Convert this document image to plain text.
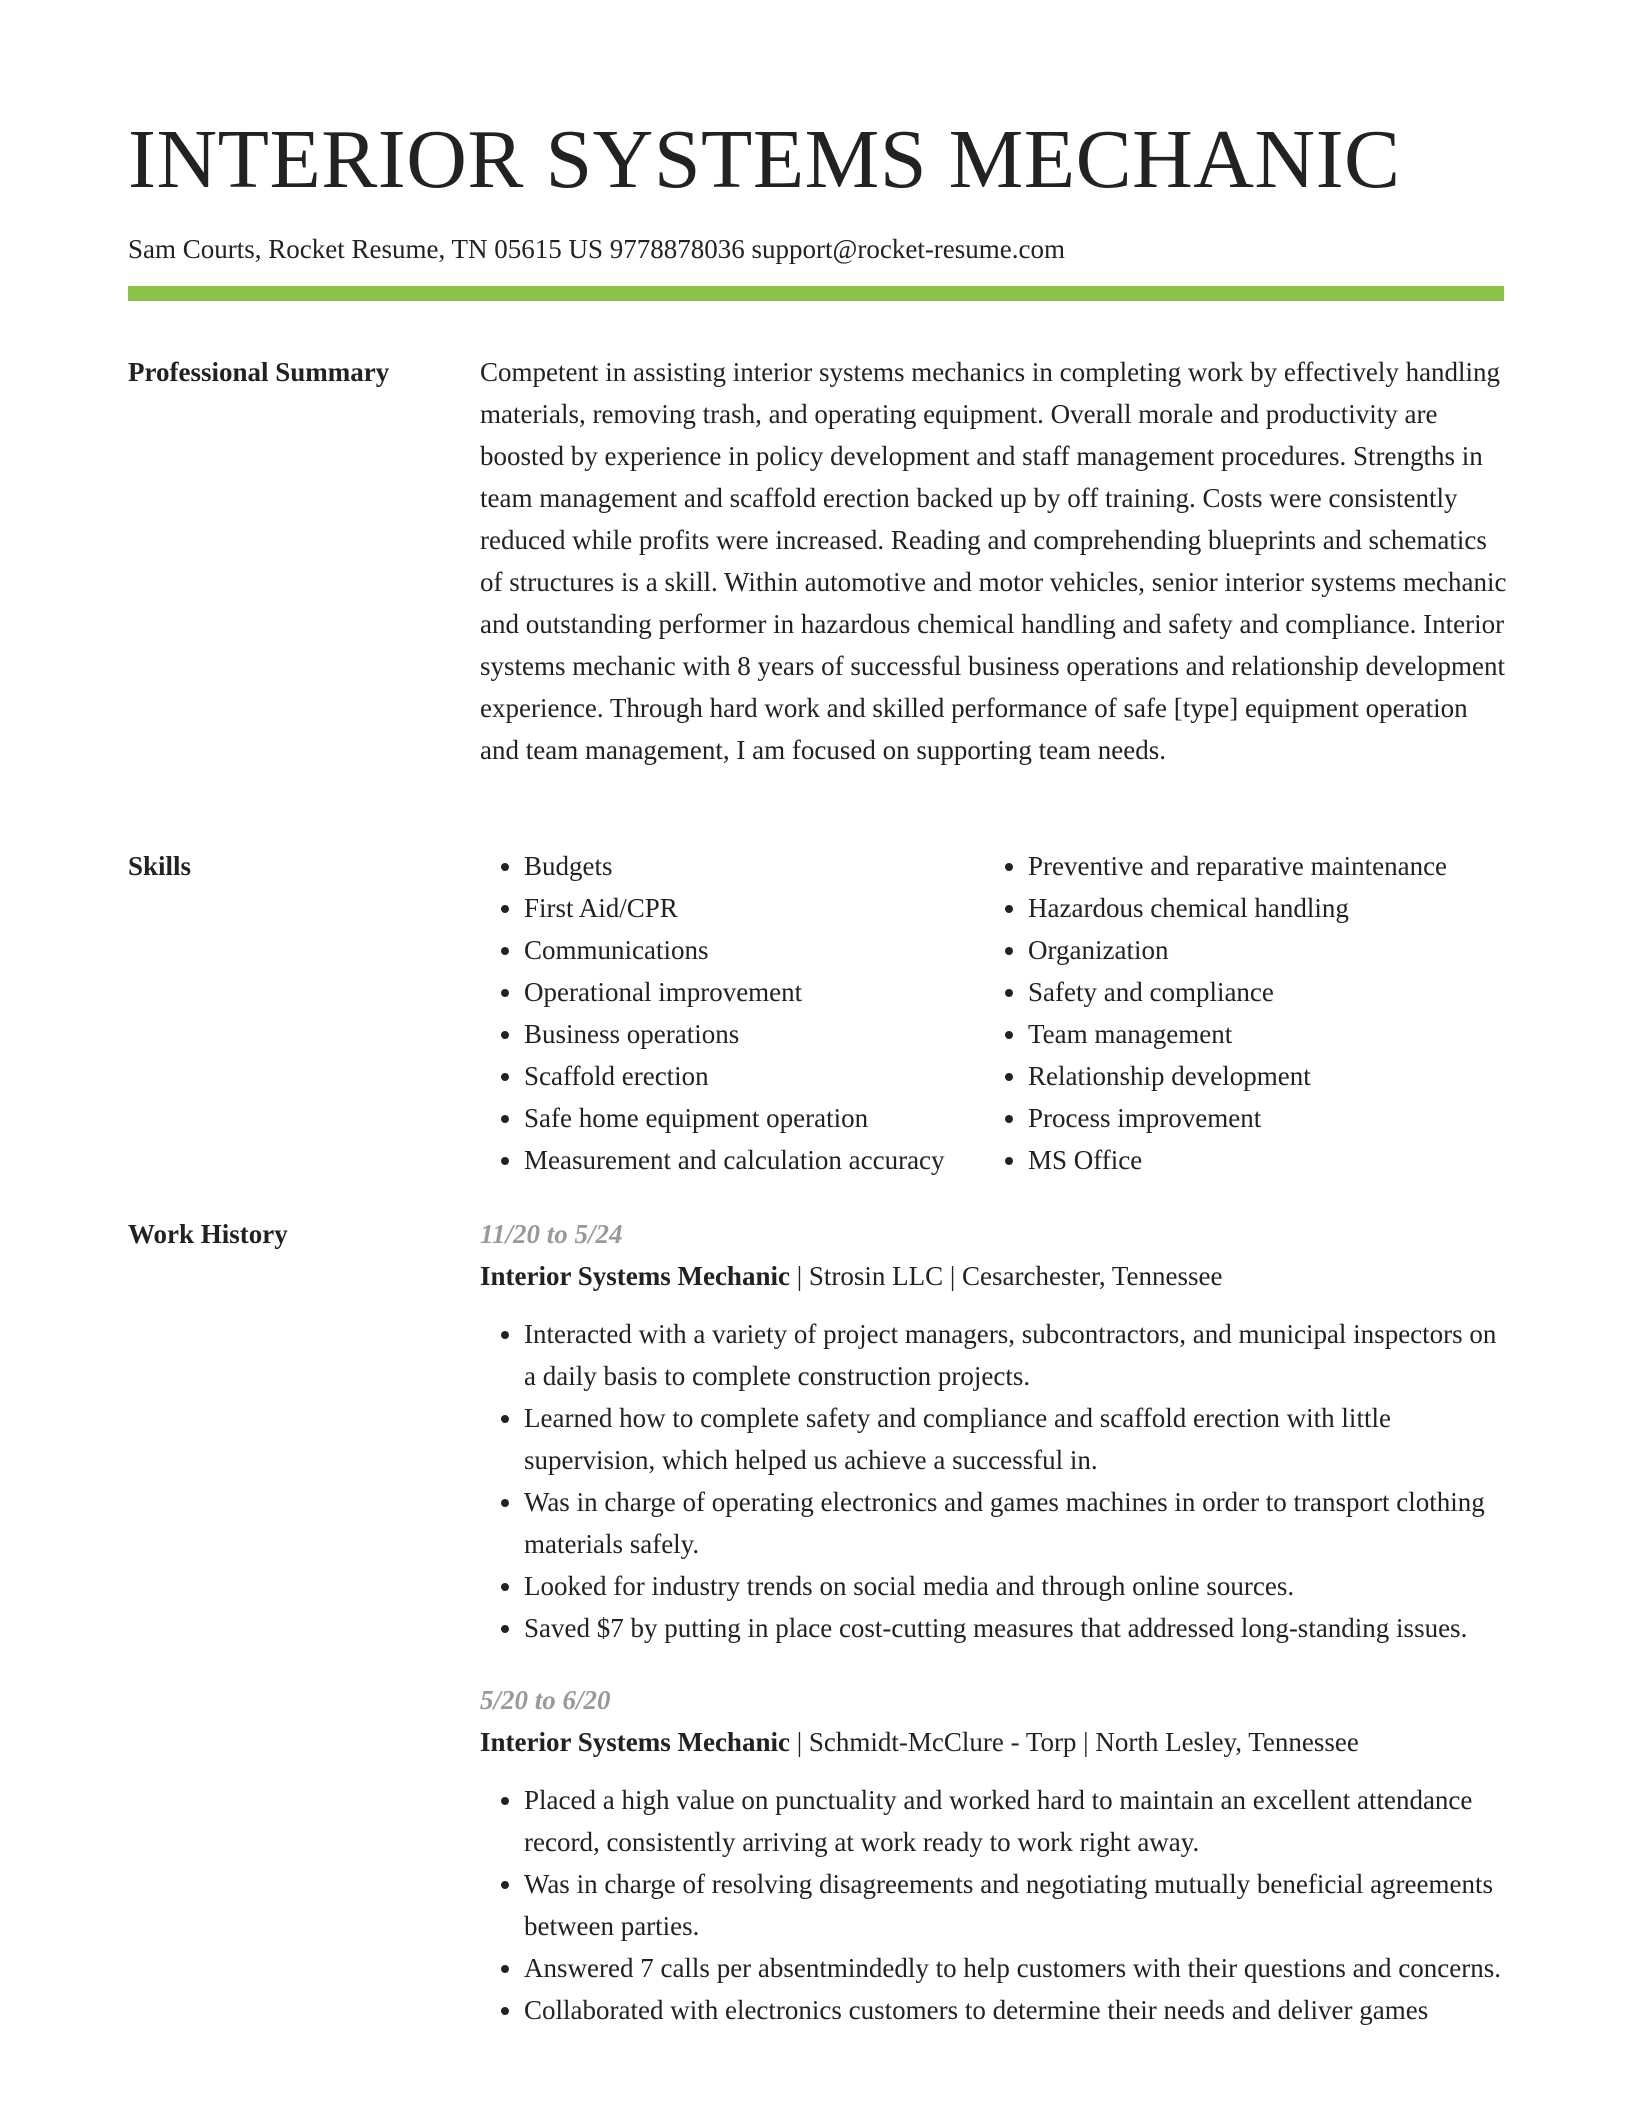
INTERIOR SYSTEMS MECHANIC
Sam Courts, Rocket Resume, TN 05615 US 9778878036 support@rocket-resume.com
Professional Summary	Competent in assisting interior systems mechanics in completing work by effectively handling materials, removing trash, and operating equipment. Overall morale and productivity are boosted by experience in policy development and staff management procedures. Strengths in team management and scaffold erection backed up by off training. Costs were consistently reduced while profits were increased. Reading and comprehending blueprints and schematics of structures is a skill. Within automotive and motor vehicles, senior interior systems mechanic and outstanding performer in hazardous chemical handling and safety and compliance. Interior systems mechanic with 8 years of successful business operations and relationship development experience. Through hard work and skilled performance of safe [type] equipment operation and team management, I am focused on supporting team needs.

Skills
•	Budgets
• First Aid/CPR
• Communications
• Operational improvement
• Business operations
• Scaffold erection
• Safe home equipment operation
• Measurement and calculation accuracy
• Preventive and reparative maintenance
• Hazardous chemical handling
• Organization
• Safety and compliance
• Team management
• Relationship development
• Process improvement
• MS Office
Work History	11/20 to 5/24
Interior Systems Mechanic | Strosin LLC | Cesarchester, Tennessee
• Interacted with a variety of project managers, subcontractors, and municipal inspectors on a daily basis to complete construction projects.
• Learned how to complete safety and compliance and scaffold erection with little supervision, which helped us achieve a successful in.
• Was in charge of operating electronics and games machines in order to transport clothing materials safely.
• Looked for industry trends on social media and through online sources.
• Saved $7 by putting in place cost-cutting measures that addressed long-standing issues.
5/20 to 6/20
Interior Systems Mechanic | Schmidt-McClure - Torp | North Lesley, Tennessee
• Placed a high value on punctuality and worked hard to maintain an excellent attendance record, consistently arriving at work ready to work right away.
• Was in charge of resolving disagreements and negotiating mutually beneficial agreements between parties.
• Answered 7 calls per absentmindedly to help customers with their questions and concerns.
• Collaborated with electronics customers to determine their needs and deliver games
